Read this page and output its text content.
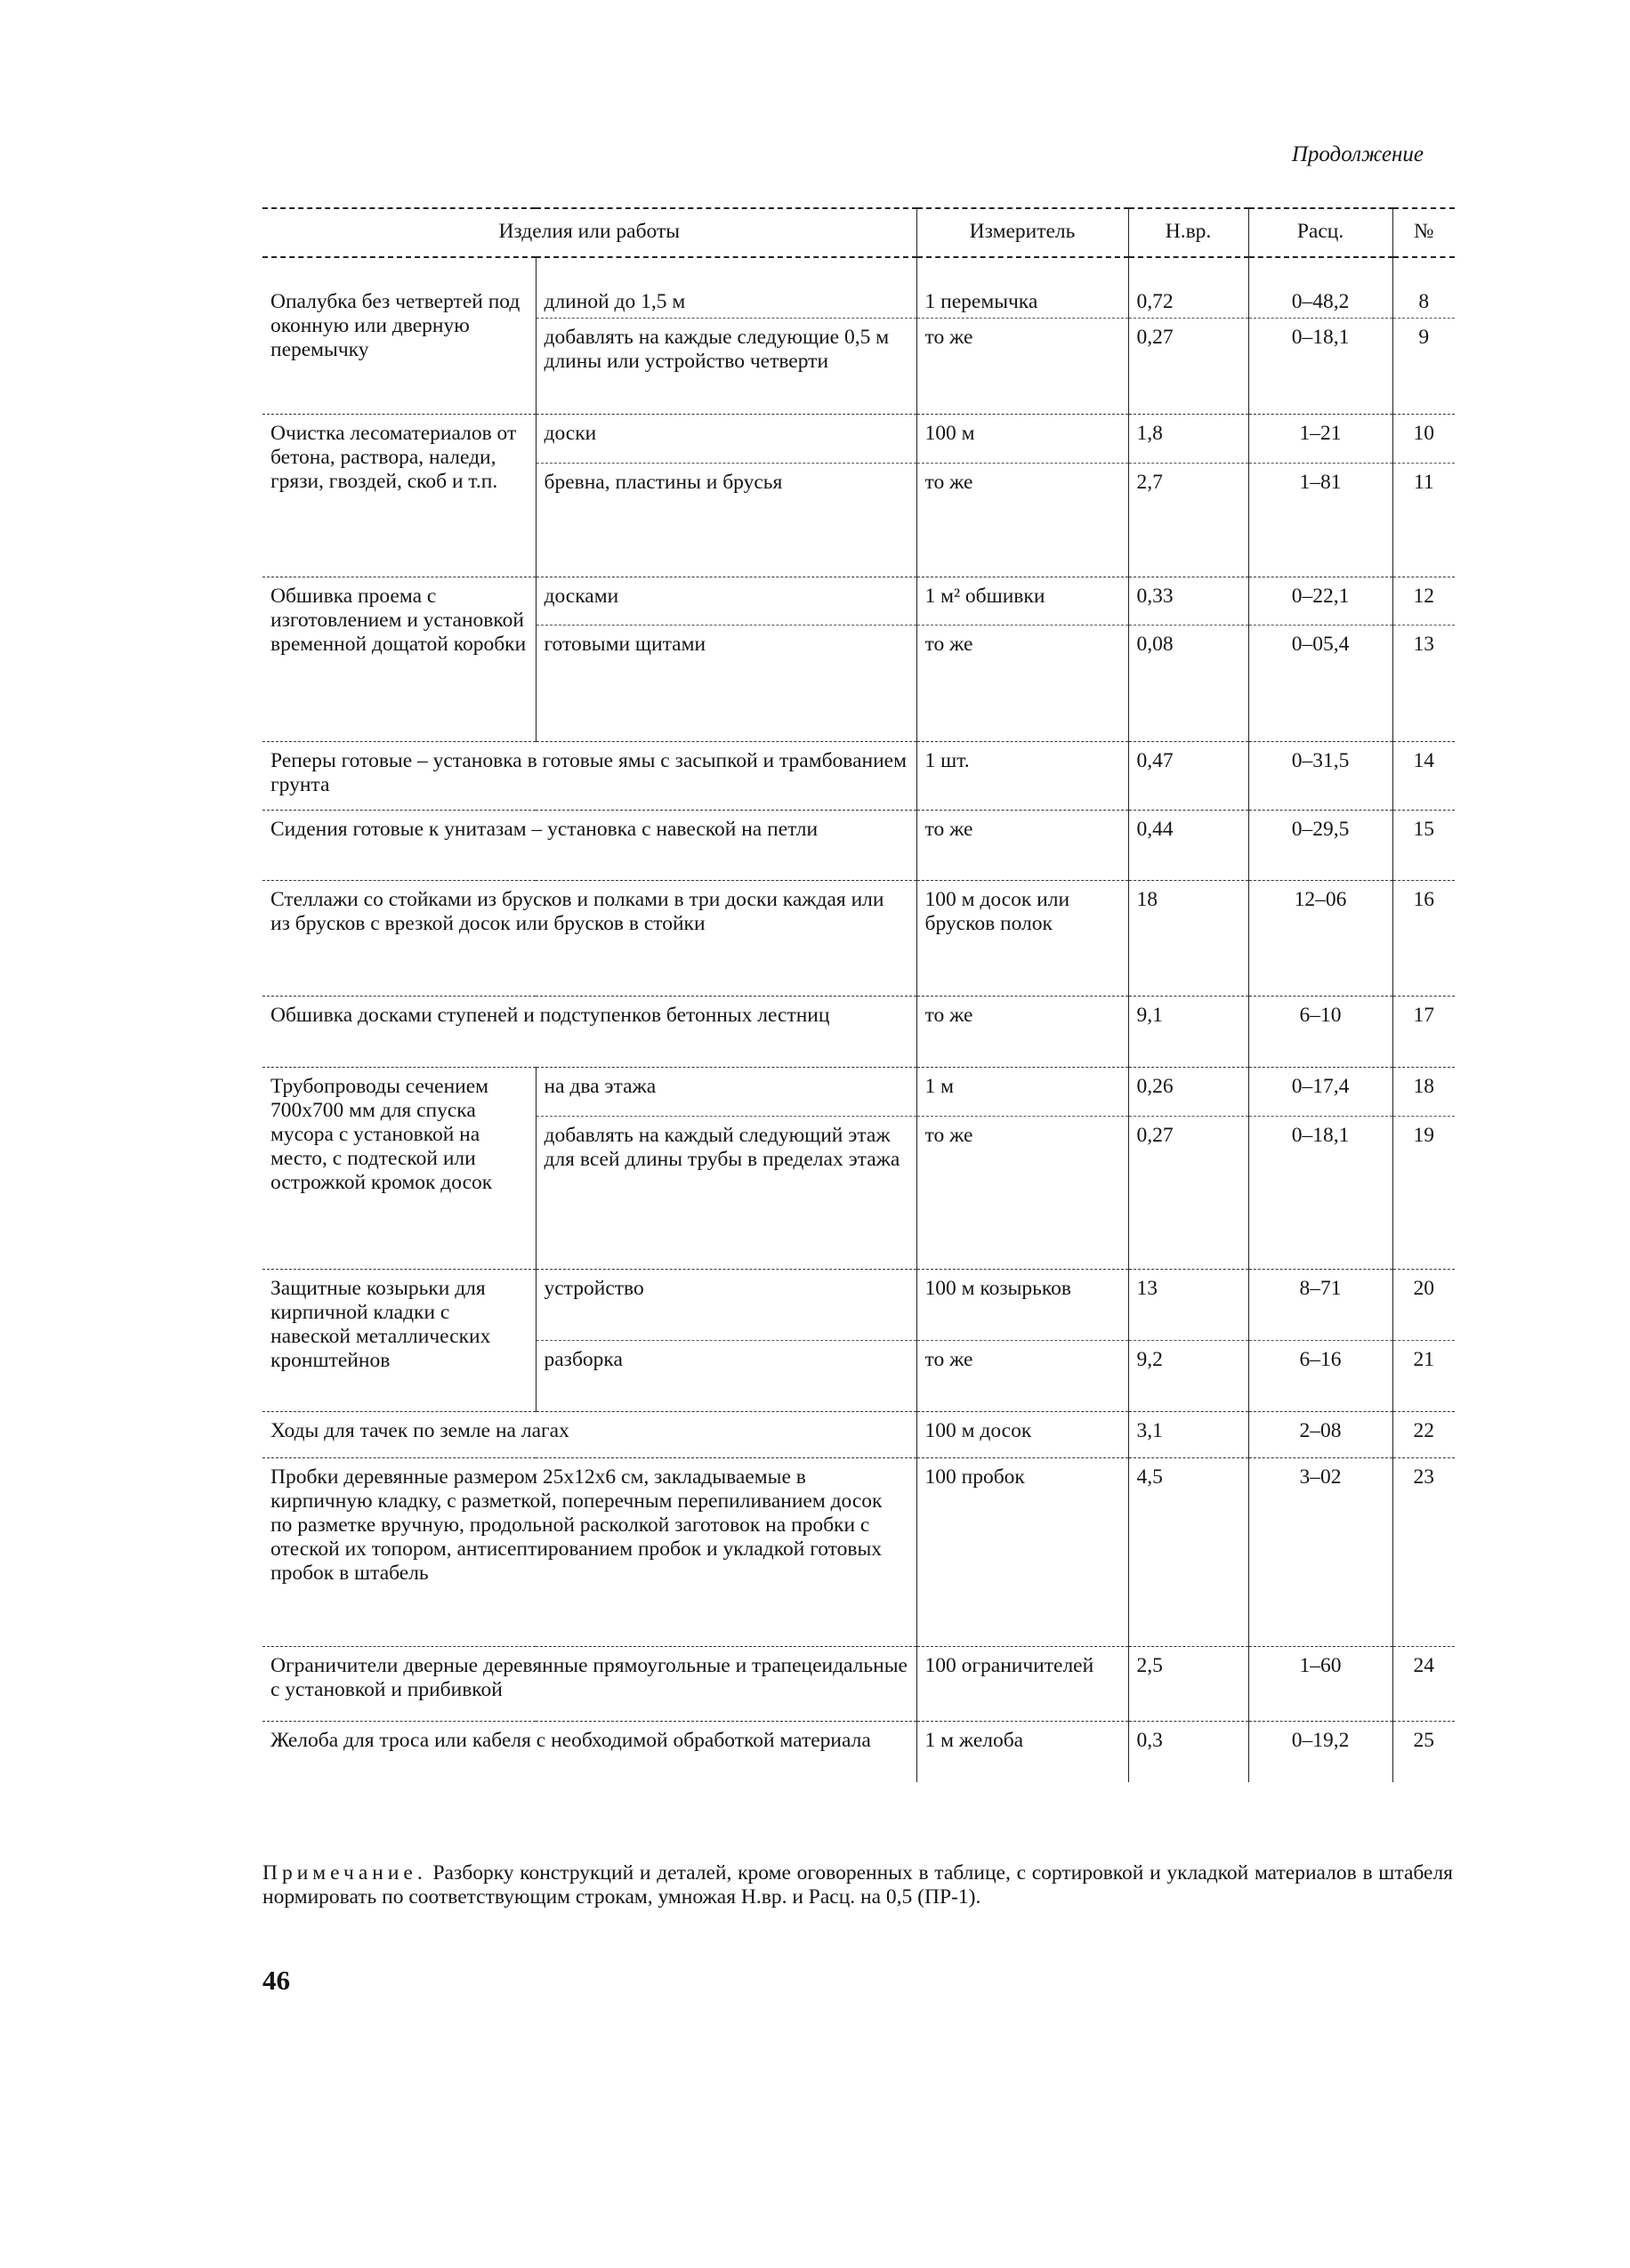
Продолжение
Изделия или работы		Измеритель	Н.вр.	Расц.	№
Опалубка без четвертей под оконную или дверную перемычку	длиной до 1,5 м	1 перемычка	0,72	0–48,2	8
	добавлять на каждые следующие 0,5 м длины или устройство четверти	то же	0,27	0–18,1	9
Очистка лесоматериалов от бетона, раствора, наледи, грязи, гвоздей, скоб и т.п.	доски	100 м	1,8	1–21	10
	бревна, пластины и брусья	то же	2,7	1–81	11
Обшивка проема с изготовлением и установкой временной дощатой коробки	досками	1 м² обшивки	0,33	0–22,1	12
	готовыми щитами	то же	0,08	0–05,4	13
Реперы готовые – установка в готовые ямы с засыпкой и трамбованием грунта		1 шт.	0,47	0–31,5	14
Сидения готовые к унитазам – установка с навеской на петли		то же	0,44	0–29,5	15
Стеллажи со стойками из брусков и полками в три доски каждая или из брусков с врезкой досок или брусков в стойки		100 м досок или брусков полок	18	12–06	16
Обшивка досками ступеней и подступенков бетонных лестниц		то же	9,1	6–10	17
Трубопроводы сечением 700x700 мм для спуска мусора с установкой на место, с подтеской или острожкой кромок досок	на два этажа	1 м	0,26	0–17,4	18
	добавлять на каждый следующий этаж для всей длины трубы в пределах этажа	то же	0,27	0–18,1	19
Защитные козырьки для кирпичной кладки с навеской металлических кронштейнов	устройство	100 м козырьков	13	8–71	20
	разборка	то же	9,2	6–16	21
Ходы для тачек по земле на лагах		100 м досок	3,1	2–08	22
Пробки деревянные размером 25x12x6 см, закладываемые в кирпичную кладку, с разметкой, поперечным перепиливанием досок по разметке вручную, продольной расколкой заготовок на пробки с отеской их топором, антисептированием пробок и укладкой готовых пробок в штабель		100 пробок	4,5	3–02	23
Ограничители дверные деревянные прямоугольные и трапецеидальные с установкой и прибивкой		100 ограничителей	2,5	1–60	24
Желоба для троса или кабеля с необходимой обработкой материала		1 м желоба	0,3	0–19,2	25
Примечание. Разборку конструкций и деталей, кроме оговоренных в таблице, с сортировкой и укладкой материалов в штабеля нормировать по соответствующим строкам, умножая Н.вр. и Расц. на 0,5 (ПР-1).
46
